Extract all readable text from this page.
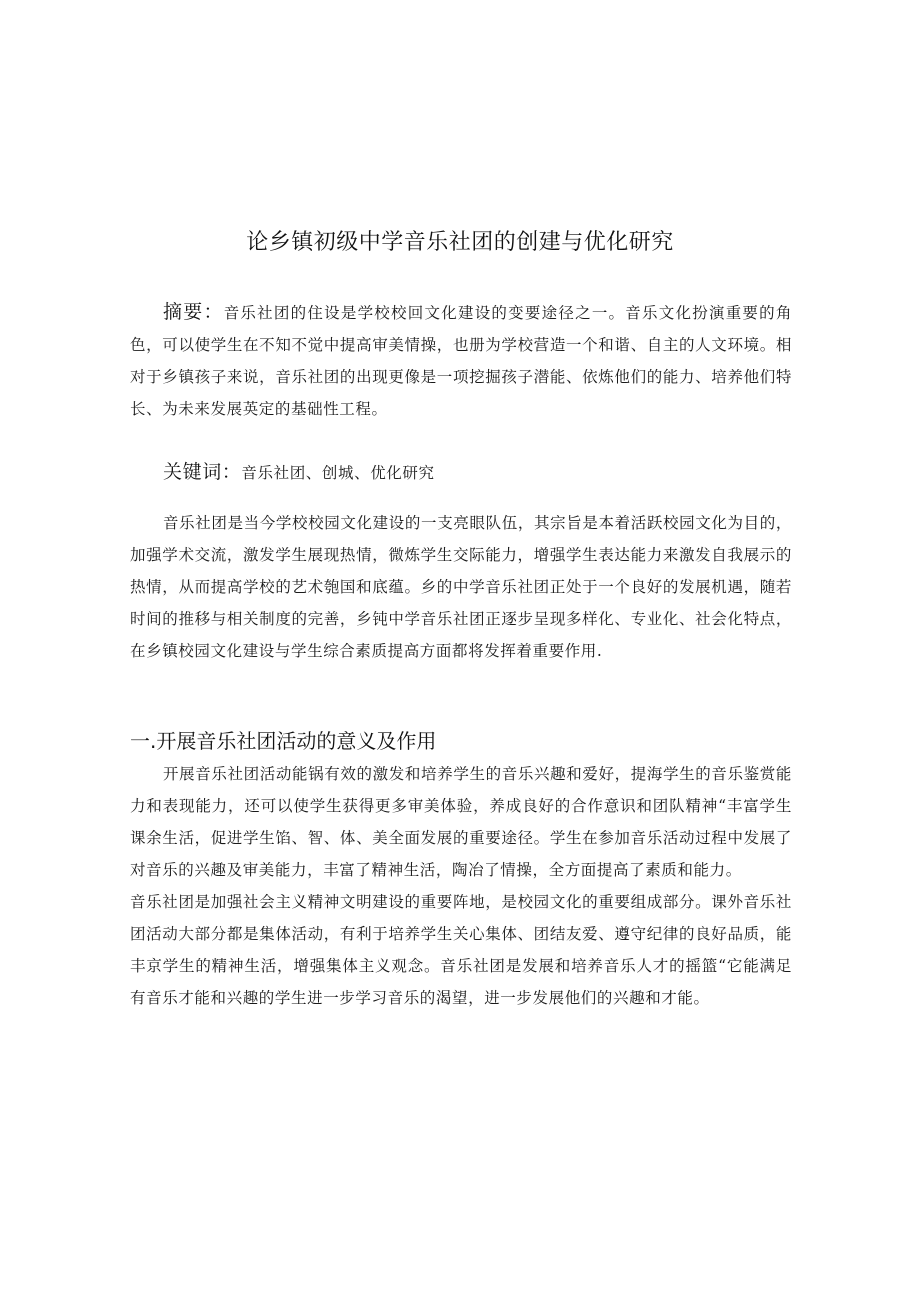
论乡镇初级中学音乐社团的创建与优化研究
摘要：音乐社团的住设是学校校回文化建设的变要途径之一。音乐文化扮演重要的角色，可以使学生在不知不觉中提高审美情操，也册为学校营造一个和谐、自主的人文环境。相对于乡镇孩子来说，音乐社团的出现更像是一项挖掘孩子潜能、依炼他们的能力、培养他们特长、为未来发展英定的基础性工程。
关键词：音乐社团、创城、优化研究
音乐社团是当今学校校园文化建设的一支亮眼队伍，其宗旨是本着活跃校园文化为目的，加强学术交流，激发学生展现热情，微炼学生交际能力，增强学生表达能力来激发自我展示的热情，从而提高学校的艺术匏国和底蕴。乡的中学音乐社团正处于一个良好的发展机遇，随若时间的推移与相关制度的完善，乡钝中学音乐社团正逐步呈现多样化、专业化、社会化特点，在乡镇校园文化建设与学生综合素质提高方面都将发挥着重要作用.
一.开展音乐社团活动的意义及作用

开展音乐社团活动能锅有效的激发和培养学生的音乐兴趣和爱好，提海学生的音乐鉴赏能力和表现能力，还可以使学生获得更多审美体验，养成良好的合作意识和团队精神“丰富学生课余生活，促进学生馅、智、体、美全面发展的重要途径。学生在参加音乐活动过程中发展了对音乐的兴趣及审美能力，丰富了精神生活，陶冶了情操，全方面提高了素质和能力。

音乐社团是加强社会主义精神文明建设的重要阵地，是校园文化的重要组成部分。课外音乐社团活动大部分都是集体活动，有利于培养学生关心集体、团结友爱、遵守纪律的良好品质，能丰京学生的精神生活，增强集体主义观念。音乐社团是发展和培养音乐人才的摇篮“它能满足有音乐才能和兴趣的学生进一步学习音乐的渴望，进一步发展他们的兴趣和才能。
